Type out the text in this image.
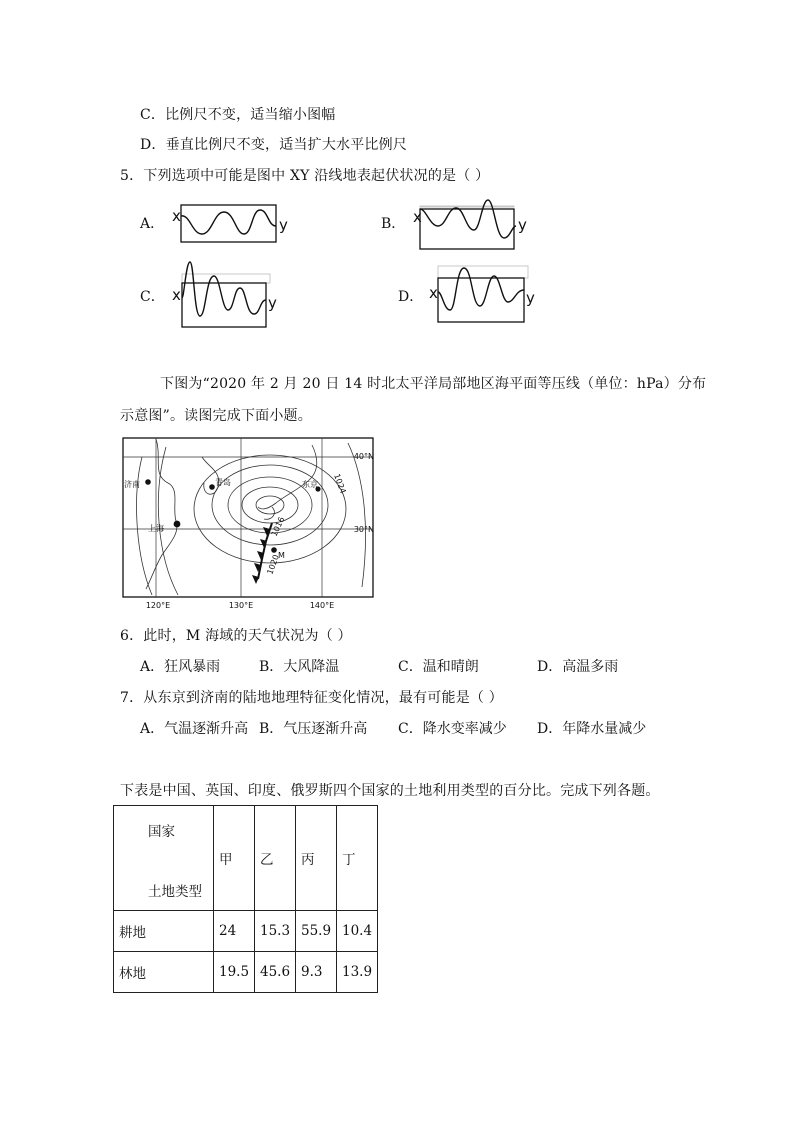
C．比例尺不变，适当缩小图幅
D．垂直比例尺不变，适当扩大水平比例尺
5．下列选项中可能是图中 XY 沿线地表起伏状况的是（ ）
A． x	y	B． x	y
C． x	y	D． x	y
下图为“2020 年 2 月 20 日 14 时北太平洋局部地区海平面等压线（单位：hPa）分布
示意图”。读图完成下面小题。
济南	青岛	东京
上海
M
40°N
30°N
120°E	130°E	140°E
1016
1020
1024
6．此时，M 海域的天气状况为（ ）
A．狂风暴雨	B．大风降温	C．温和晴朗	D．高温多雨
7．从东京到济南的陆地地理特征变化情况，最有可能是（ ）
A．气温逐渐升高 B．气压逐渐升高 C．降水变率减少 D．年降水量减少
下表是中国、英国、印度、俄罗斯四个国家的土地利用类型的百分比。完成下列各题。
国家
土地类型	甲	乙	丙	丁
耕地	24	15.3	55.9	10.4
林地	19.5	45.6	9.3	13.9
